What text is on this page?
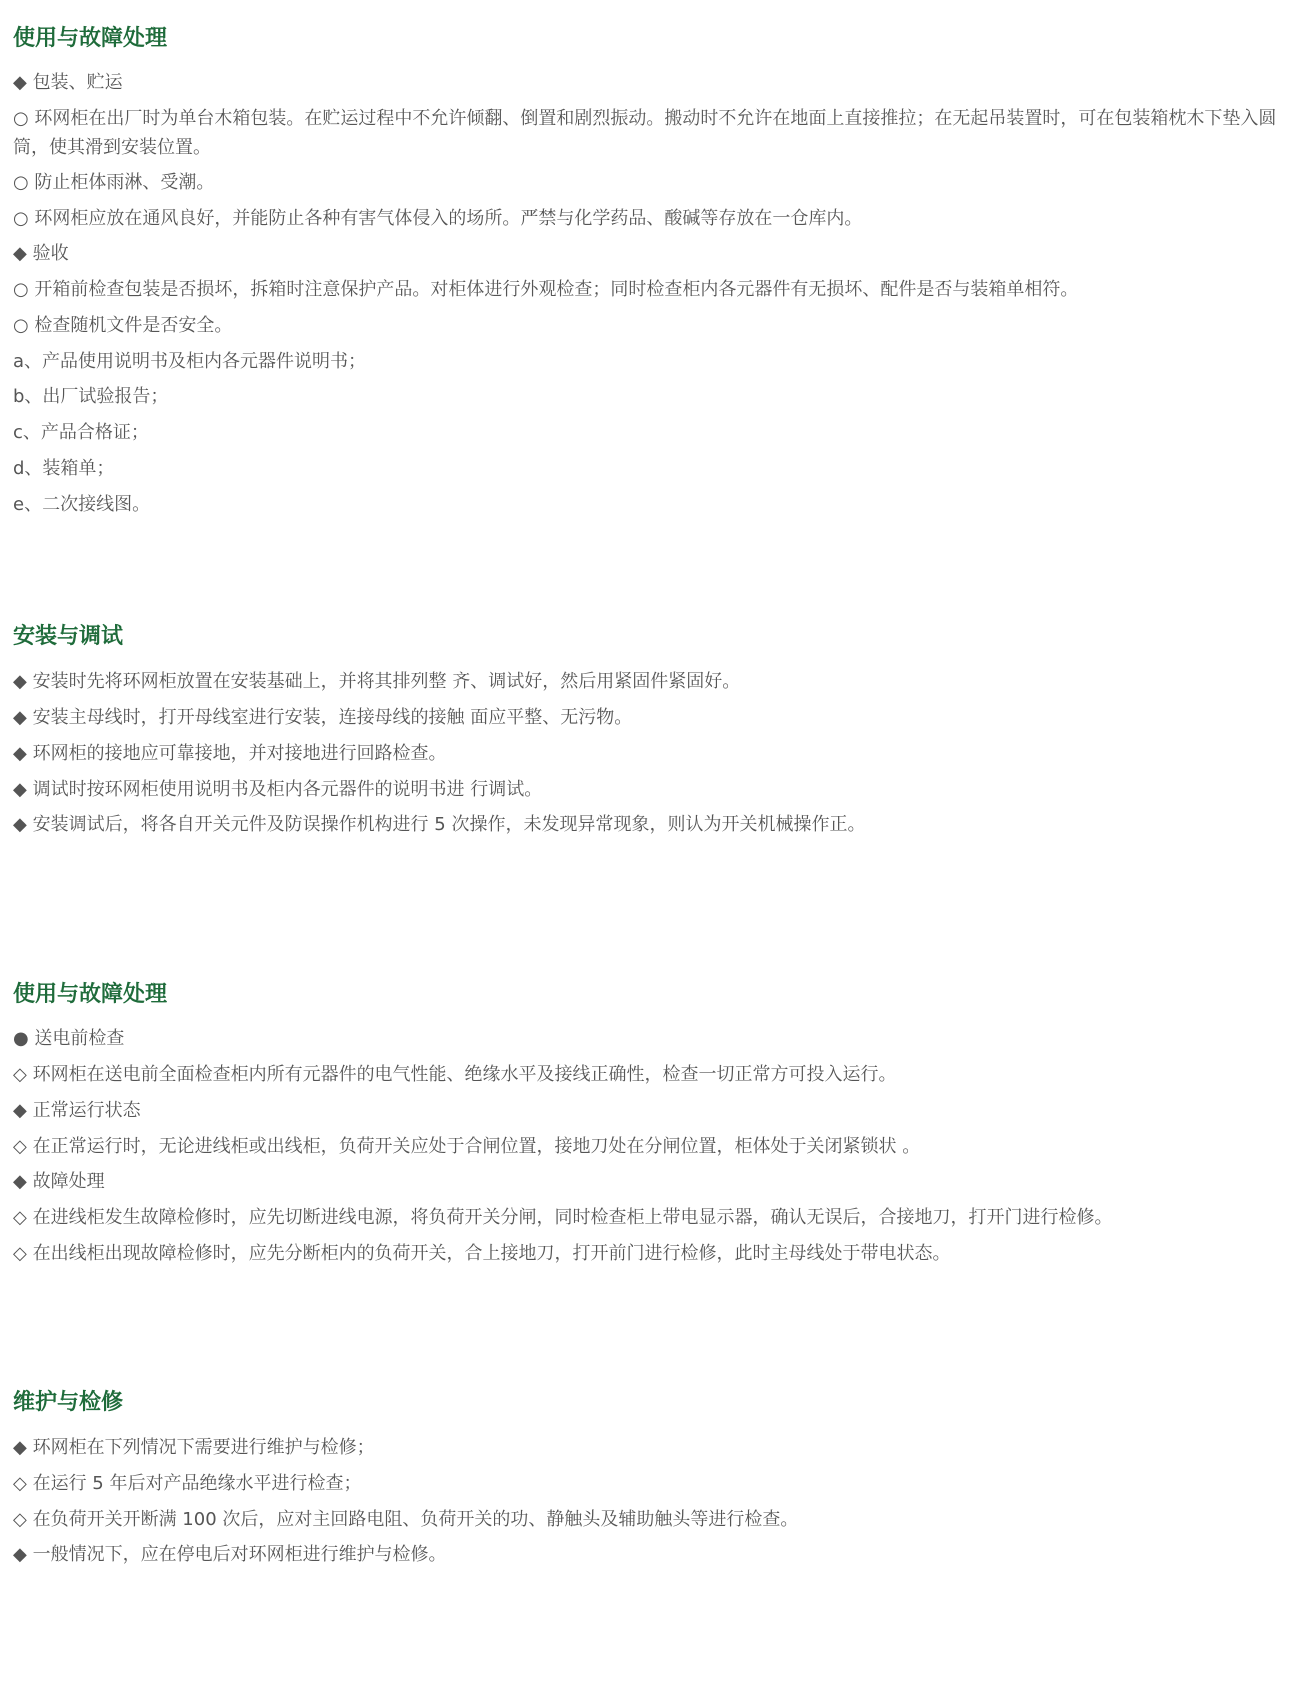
使用与故障处理

◆ 包装、贮运

○ 环网柜在出厂时为单台木箱包装。在贮运过程中不允许倾翻、倒置和剧烈振动。搬动时不允许在地面上直接推拉；在无起吊装置时，可在包装箱枕木下垫入圆筒，使其滑到安装位置。

○ 防止柜体雨淋、受潮。

○ 环网柜应放在通风良好，并能防止各种有害气体侵入的场所。严禁与化学药品、酸碱等存放在一仓库内。

◆ 验收

○ 开箱前检查包装是否损坏，拆箱时注意保护产品。对柜体进行外观检查；同时检查柜内各元器件有无损坏、配件是否与装箱单相符。

○ 检查随机文件是否安全。

a、产品使用说明书及柜内各元器件说明书；

b、出厂试验报告；

c、产品合格证；

d、装箱单；

e、二次接线图。

安装与调试

◆ 安装时先将环网柜放置在安装基础上，并将其排列整 齐、调试好，然后用紧固件紧固好。

◆ 安装主母线时，打开母线室进行安装，连接母线的接触 面应平整、无污物。

◆ 环网柜的接地应可靠接地，并对接地进行回路检查。

◆ 调试时按环网柜使用说明书及柜内各元器件的说明书进 行调试。

◆ 安装调试后，将各自开关元件及防误操作机构进行 5 次操作，未发现异常现象，则认为开关机械操作正。

使用与故障处理

● 送电前检查

◇ 环网柜在送电前全面检查柜内所有元器件的电气性能、绝缘水平及接线正确性，检查一切正常方可投入运行。

◆ 正常运行状态

◇ 在正常运行时，无论进线柜或出线柜，负荷开关应处于合闸位置，接地刀处在分闸位置，柜体处于关闭紧锁状 。

◆ 故障处理

◇ 在进线柜发生故障检修时，应先切断进线电源，将负荷开关分闸，同时检查柜上带电显示器，确认无误后，合接地刀，打开门进行检修。

◇ 在出线柜出现故障检修时，应先分断柜内的负荷开关，合上接地刀，打开前门进行检修，此时主母线处于带电状态。

维护与检修

◆ 环网柜在下列情况下需要进行维护与检修；

◇ 在运行 5 年后对产品绝缘水平进行检查；

◇ 在负荷开关开断满 100 次后，应对主回路电阻、负荷开关的功、静触头及辅助触头等进行检查。

◆ 一般情况下，应在停电后对环网柜进行维护与检修。
